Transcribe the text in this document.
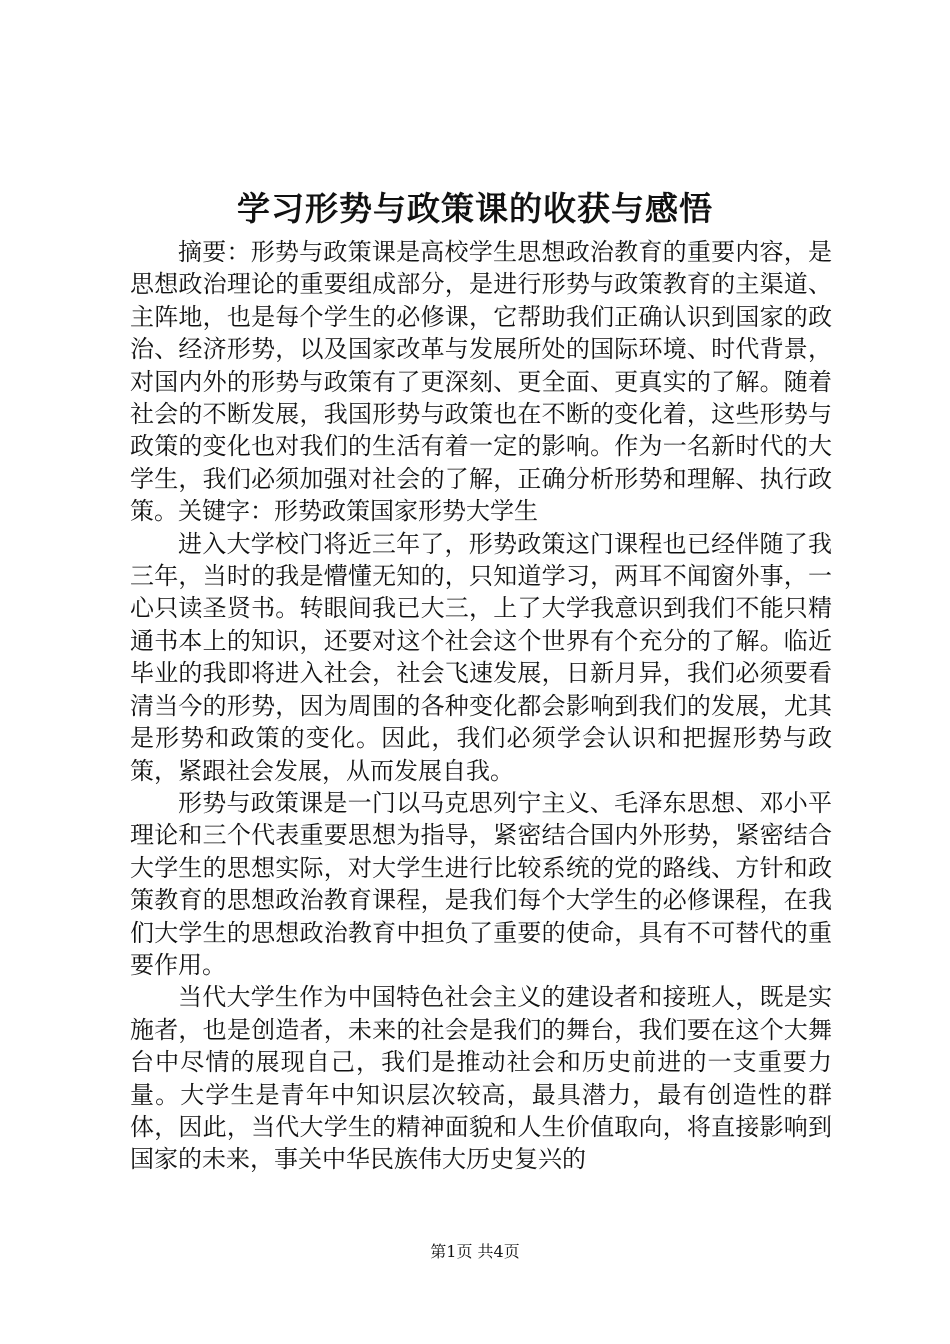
学习形势与政策课的收获与感悟

摘要：形势与政策课是高校学生思想政治教育的重要内容，是思想政治理论的重要组成部分，是进行形势与政策教育的主渠道、主阵地，也是每个学生的必修课，它帮助我们正确认识到国家的政治、经济形势，以及国家改革与发展所处的国际环境、时代背景，对国内外的形势与政策有了更深刻、更全面、更真实的了解。随着社会的不断发展，我国形势与政策也在不断的变化着，这些形势与政策的变化也对我们的生活有着一定的影响。作为一名新时代的大学生，我们必须加强对社会的了解，正确分析形势和理解、执行政策。关键字：形势政策国家形势大学生

进入大学校门将近三年了，形势政策这门课程也已经伴随了我三年，当时的我是懵懂无知的，只知道学习，两耳不闻窗外事，一心只读圣贤书。转眼间我已大三，上了大学我意识到我们不能只精通书本上的知识，还要对这个社会这个世界有个充分的了解。临近毕业的我即将进入社会，社会飞速发展，日新月异，我们必须要看清当今的形势，因为周围的各种变化都会影响到我们的发展，尤其是形势和政策的变化。因此，我们必须学会认识和把握形势与政策，紧跟社会发展，从而发展自我。

形势与政策课是一门以马克思列宁主义、毛泽东思想、邓小平理论和三个代表重要思想为指导，紧密结合国内外形势，紧密结合大学生的思想实际，对大学生进行比较系统的党的路线、方针和政策教育的思想政治教育课程，是我们每个大学生的必修课程，在我们大学生的思想政治教育中担负了重要的使命，具有不可替代的重要作用。

当代大学生作为中国特色社会主义的建设者和接班人，既是实施者，也是创造者，未来的社会是我们的舞台，我们要在这个大舞台中尽情的展现自己，我们是推动社会和历史前进的一支重要力量。大学生是青年中知识层次较高，最具潜力，最有创造性的群体，因此，当代大学生的精神面貌和人生价值取向，将直接影响到国家的未来，事关中华民族伟大历史复兴的

第1页 共4页
